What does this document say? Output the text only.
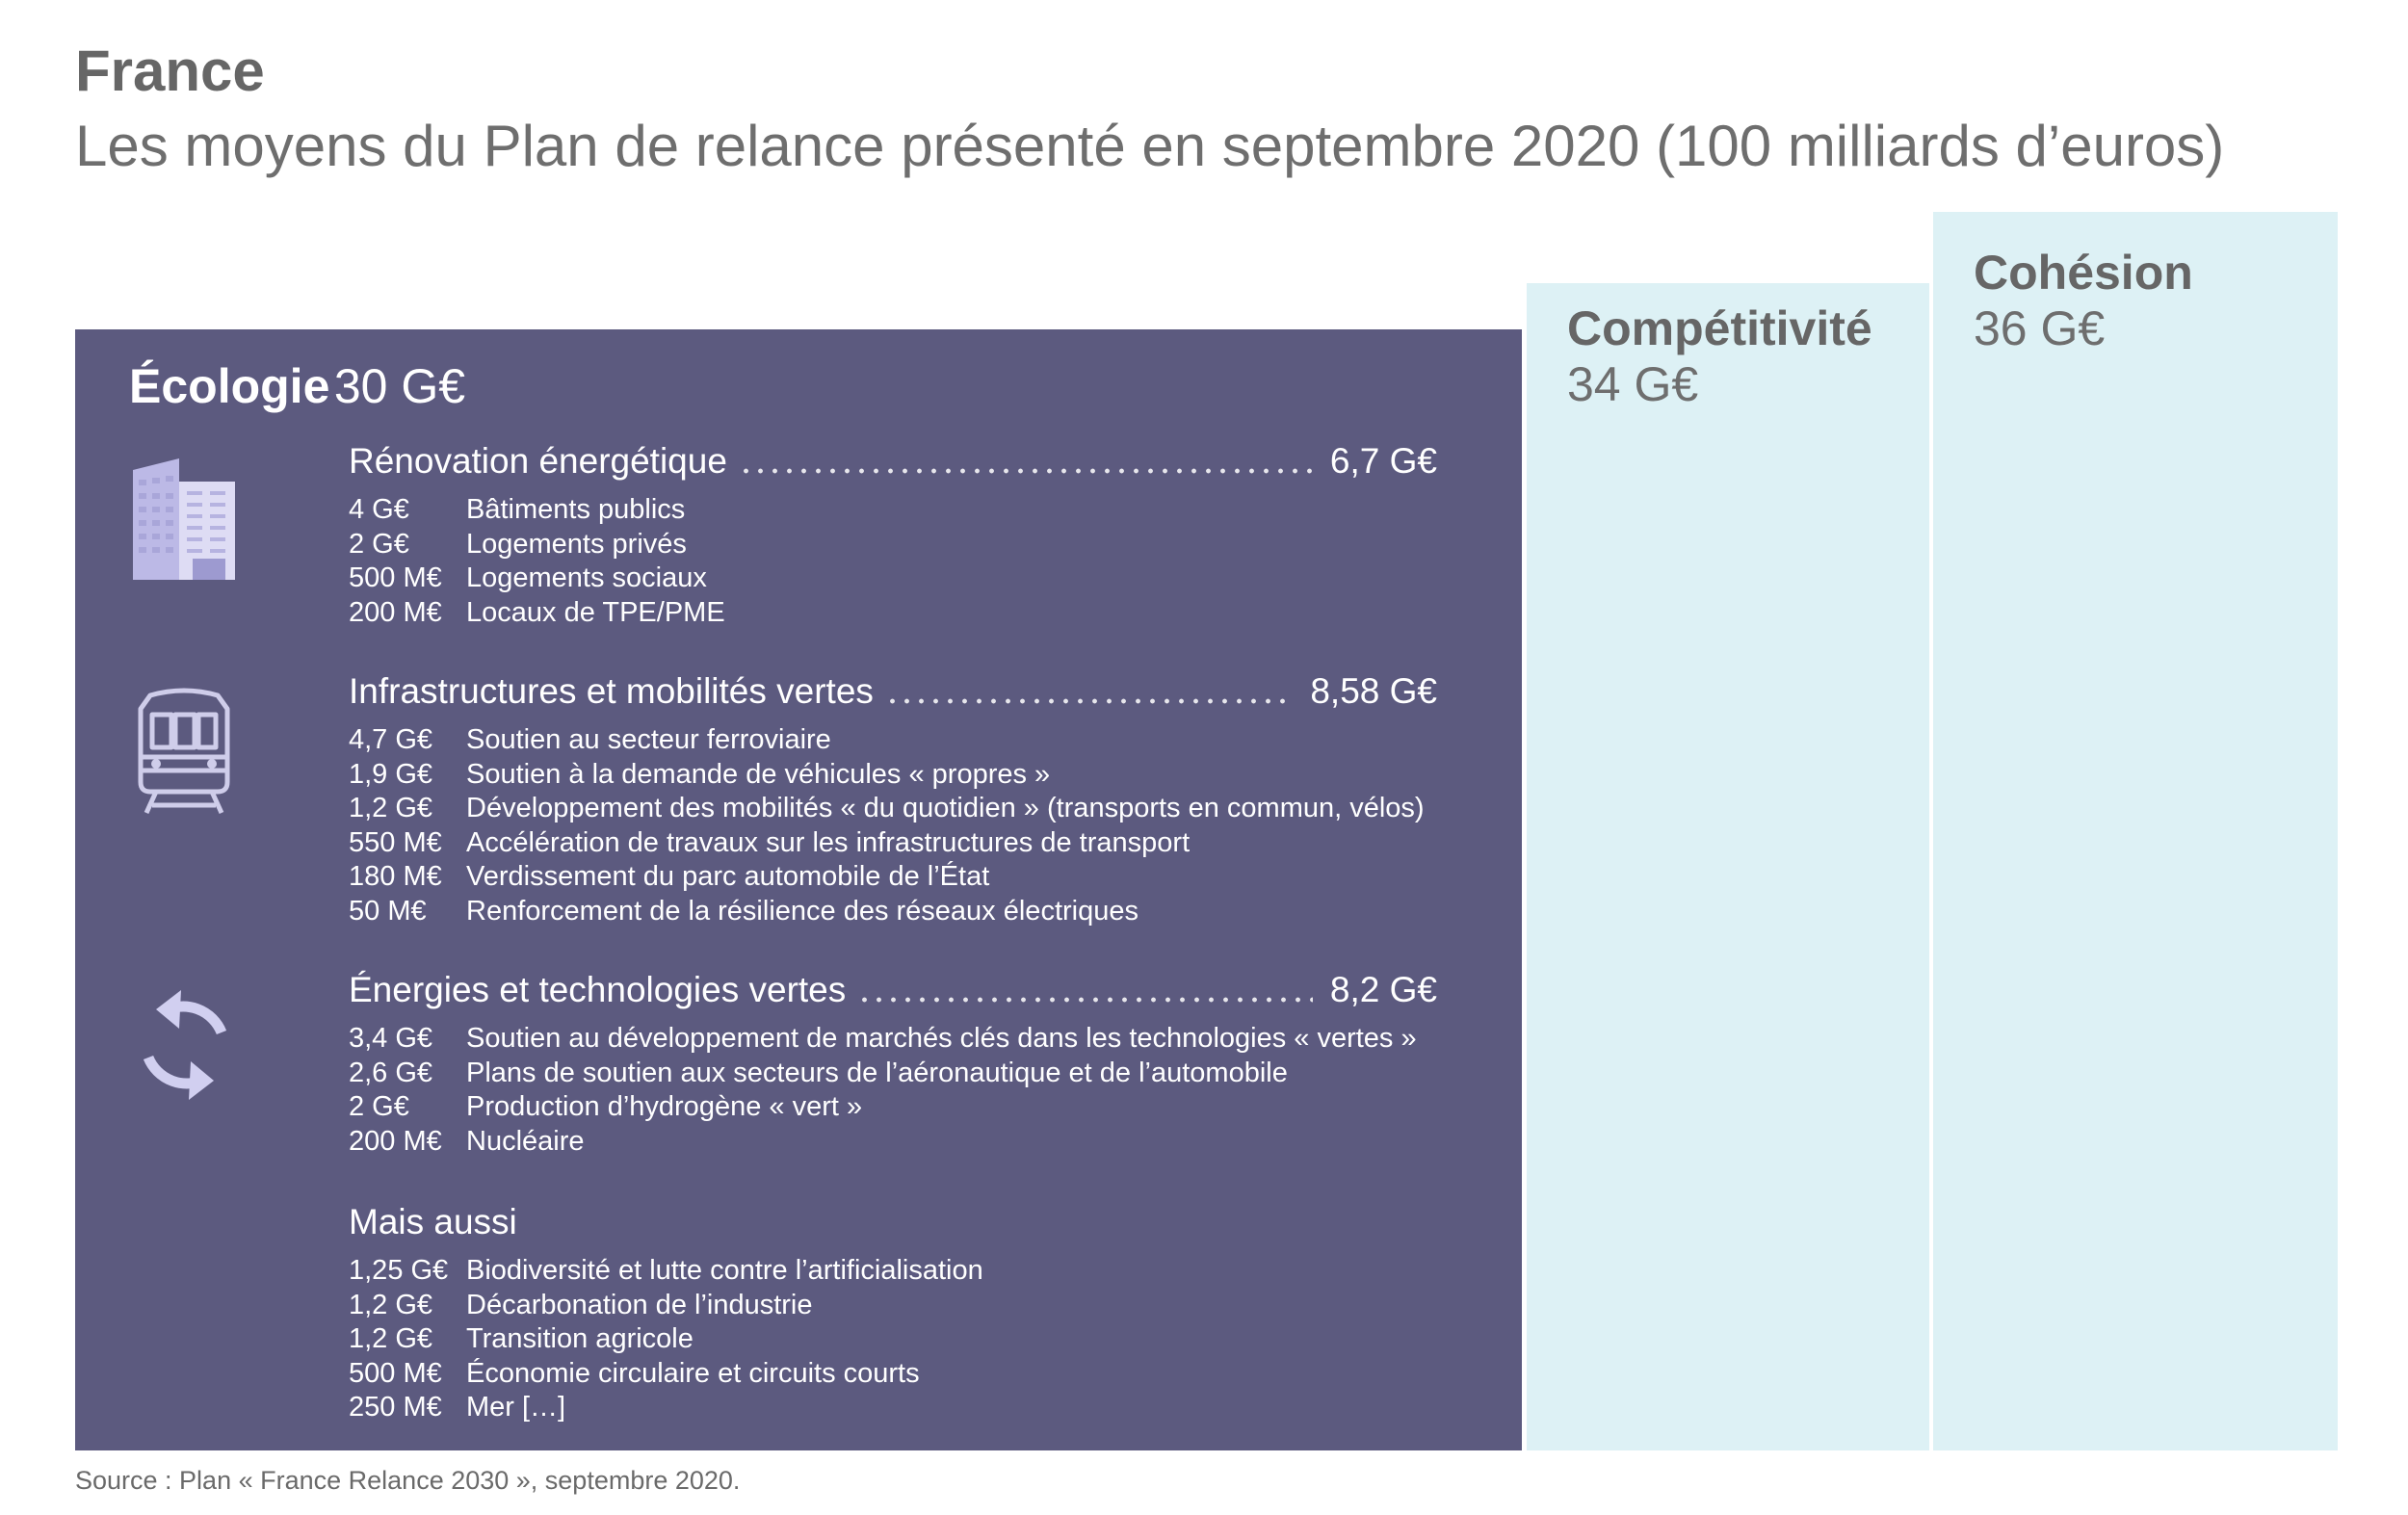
France
Les moyens du Plan de relance présenté en septembre 2020 (100 milliards d’euros)
Écologie 30 G€
Rénovation énergétique	6,7 G€
4 G€	Bâtiments publics
2 G€	Logements privés
500 M€ Logements sociaux
200 M€ Locaux de TPE/PME
Infrastructures et mobilités vertes	8,58 G€
4,7 G€	Soutien au secteur ferroviaire
1,9 G€	Soutien à la demande de véhicules « propres »
1,2 G€	Développement des mobilités « du quotidien » (transports en commun, vélos)
550 M€ Accélération de travaux sur les infrastructures de transport
180 M€ Verdissement du parc automobile de l’État
50 M€	Renforcement de la résilience des réseaux électriques
Énergies et technologies vertes	8,2 G€
3,4 G€	Soutien au développement de marchés clés dans les technologies « vertes »
2,6 G€	Plans de soutien aux secteurs de l’aéronautique et de l’automobile
2 G€	Production d’hydrogène « vert »
200 M€ Nucléaire
Mais aussi
1,25 G€ Biodiversité et lutte contre l’artificialisation
1,2 G€	Décarbonation de l’industrie
1,2 G€	Transition agricole
500 M€ Économie circulaire et circuits courts
250 M€ Mer […]
Compétitivité
34 G€
Cohésion
36 G€
Source : Plan « France Relance 2030 », septembre 2020.
